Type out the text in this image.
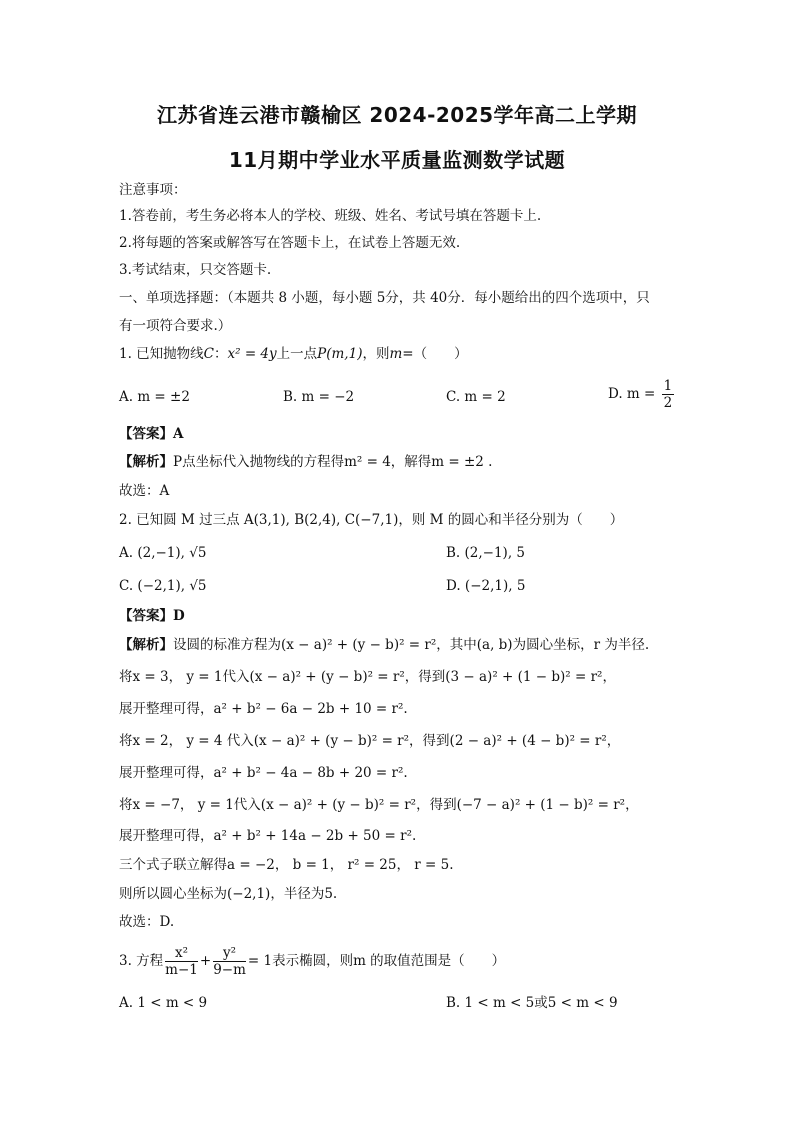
江苏省连云港市赣榆区 2024-2025学年高二上学期
11月期中学业水平质量监测数学试题
注意事项：
1.答卷前，考生务必将本人的学校、班级、姓名、考试号填在答题卡上.
2.将每题的答案或解答写在答题卡上，在试卷上答题无效.
3.考试结束，只交答题卡.
一、单项选择题：（本题共 8 小题，每小题 5分，共 40分．每小题给出的四个选项中，只
有一项符合要求.）
1. 已知抛物线C：x² = 4y上一点P(m,1)，则m=（　　）
A. m = ±2	B. m = −2	C. m = 2	D. $m = \frac{1}{2}$
【答案】A
【解析】P点坐标代入抛物线的方程得m² = 4，解得m = ±2 .
故选：A
2. 已知圆 M 过三点 A(3,1), B(2,4), C(−7,1)，则 M 的圆心和半径分别为（　　）
A. (2,−1), √5	B. (2,−1), 5
C. (−2,1), √5	D. (−2,1), 5
【答案】D
【解析】设圆的标准方程为(x − a)² + (y − b)² = r²，其中(a, b)为圆心坐标，r 为半径.
将x = 3， y = 1代入(x − a)² + (y − b)² = r²，得到(3 − a)² + (1 − b)² = r²，
展开整理可得，a² + b² − 6a − 2b + 10 = r².
将x = 2， y = 4 代入(x − a)² + (y − b)² = r²，得到(2 − a)² + (4 − b)² = r²，
展开整理可得，a² + b² − 4a − 8b + 20 = r².
将x = −7， y = 1代入(x − a)² + (y − b)² = r²，得到(−7 − a)² + (1 − b)² = r²，
展开整理可得，a² + b² + 14a − 2b + 50 = r².
三个式子联立解得a = −2， b = 1， r² = 25， r = 5.
则所以圆心坐标为(−2,1)，半径为5.
故选：D.
3. 方程 $\frac{\text{x²}}{m-1} + \frac{\text{y²}}{9-m} = 1$表示椭圆，则m 的取值范围是（　　）
A. 1 < m < 9	B. 1 < m < 5或5 < m < 9
